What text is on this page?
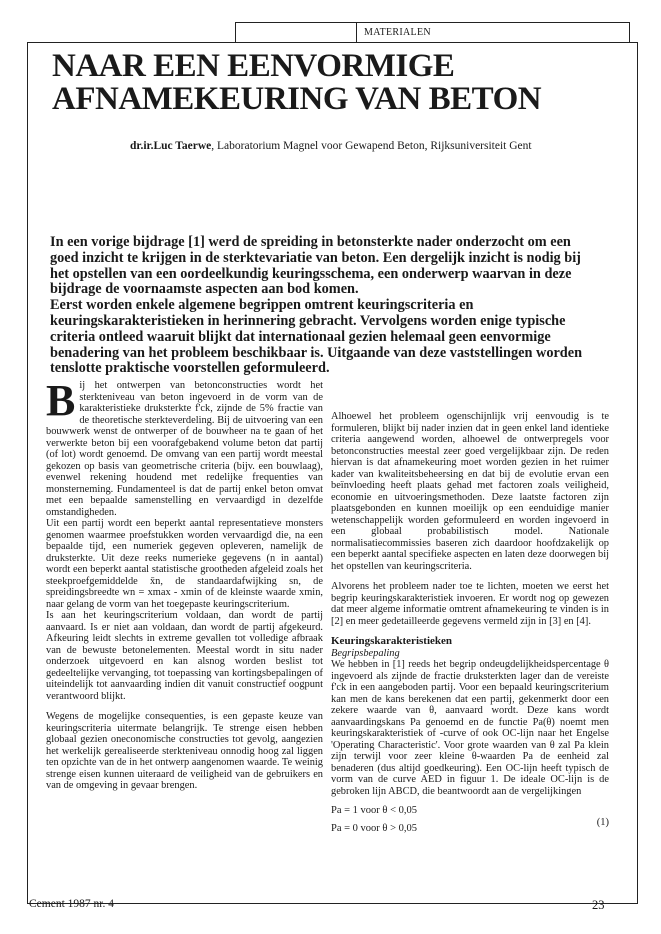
MATERIALEN
NAAR EEN EENVORMIGE AFNAMEKEURING VAN BETON
dr.ir.Luc Taerwe, Laboratorium Magnel voor Gewapend Beton, Rijksuniversiteit Gent

In een vorige bijdrage [1] werd de spreiding in betonsterkte nader onderzocht om een goed inzicht te krijgen in de sterktevariatie van beton. Een dergelijk inzicht is nodig bij het opstellen van een oordeelkundig keuringsschema, een onderwerp waarvan in deze bijdrage de voornaamste aspecten aan bod komen.

Eerst worden enkele algemene begrippen omtrent keuringscriteria en keuringskarakteristieken in herinnering gebracht. Vervolgens worden enige typische criteria ontleed waaruit blijkt dat internationaal gezien helemaal geen eenvormige benadering van het probleem beschikbaar is. Uitgaande van deze vaststellingen worden tenslotte praktische voorstellen geformuleerd.

Bij het ontwerpen van betonconstructies wordt het sterkteniveau van beton ingevoerd in de vorm van de karakteristieke druksterkte f'ck, zijnde de 5% fractie van de theoretische sterkteverdeling. Bij de uitvoering van een bouwwerk wenst de ontwerper of de bouwheer na te gaan of het verwerkte beton bij een voorafgebakend volume beton dat partij (of lot) wordt genoemd. De omvang van een partij wordt meestal gekozen op basis van geometrische criteria (bijv. een bouwlaag), evenwel rekening houdend met redelijke frequenties van monsterneming. Fundamenteel is dat de partij enkel beton omvat met een bepaalde samenstelling en vervaardigd in dezelfde omstandigheden.

Uit een partij wordt een beperkt aantal representatieve monsters genomen waarmee proefstukken worden vervaardigd die, na een bepaalde tijd, een numeriek gegeven opleveren, namelijk de druksterkte. Uit deze reeks numerieke gegevens (n in aantal) wordt een beperkt aantal statistische grootheden afgeleid zoals het steekproefgemiddelde x̄n, de standaardafwijking sn, de spreidingsbreedte wn = xmax - xmin of de kleinste waarde xmin, naar gelang de vorm van het toegepaste keuringscriterium.

Is aan het keuringscriterium voldaan, dan wordt de partij aanvaard. Is er niet aan voldaan, dan wordt de partij afgekeurd. Afkeuring leidt slechts in extreme gevallen tot volledige afbraak van de bewuste betonelementen. Meestal wordt in situ nader onderzoek uitgevoerd en kan alsnog worden beslist tot gedeeltelijke vervanging, tot toepassing van kortingsbepalingen of uiteindelijk tot aanvaarding indien dit vanuit constructief oogpunt verantwoord blijkt.

Wegens de mogelijke consequenties, is een gepaste keuze van keuringscriteria uitermate belangrijk. Te strenge eisen hebben globaal gezien oneconomische constructies tot gevolg, aangezien het werkelijk gerealiseerde sterkteniveau onnodig hoog zal liggen ten opzichte van de in het ontwerp aangenomen waarde. Te weinig strenge eisen kunnen uiteraard de veiligheid van de gebruikers en van de omgeving in gevaar brengen.

Alhoewel het probleem ogenschijnlijk vrij eenvoudig is te formuleren, blijkt bij nader inzien dat in geen enkel land identieke criteria aangewend worden, alhoewel de ontwerpregels voor betonconstructies meestal zeer goed vergelijkbaar zijn. De reden hiervan is dat afnamekeuring moet worden gezien in het ruimer kader van kwaliteitsbeheersing en dat bij de evolutie ervan een beïnvloeding heeft plaats gehad met factoren zoals veiligheid, economie en uitvoeringsmethoden. Deze laatste factoren zijn plaatsgebonden en kunnen moeilijk op een eenduidige manier wetenschappelijk worden geformuleerd en worden ingevoerd in een globaal probabilistisch model. Nationale normalisatiecommissies baseren zich daardoor hoofdzakelijk op een beperkt aantal specifieke aspecten en laten deze doorwegen bij het opstellen van keuringscriteria.

Alvorens het probleem nader toe te lichten, moeten we eerst het begrip keuringskarakteristiek invoeren. Er wordt nog op gewezen dat meer algeme informatie omtrent afnamekeuring te vinden is in [2] en meer gedetailleerde gegevens vermeld zijn in [3] en [4].

Keuringskarakteristieken

Begripsbepaling

We hebben in [1] reeds het begrip ondeugdelijkheidspercentage θ ingevoerd als zijnde de fractie druksterkten lager dan de vereiste f'ck in een aangeboden partij. Voor een bepaald keuringscriterium kan men de kans berekenen dat een partij, gekenmerkt door een zekere waarde van θ, aanvaard wordt. Deze kans wordt aanvaardingskans Pa genoemd en de functie Pa(θ) noemt men keuringskarakteristiek of -curve of ook OC-lijn naar het Engelse 'Operating Characteristic'. Voor grote waarden van θ zal Pa klein zijn terwijl voor zeer kleine θ-waarden Pa de eenheid zal benaderen (dus altijd goedkeuring). Een OC-lijn heeft typisch de vorm van de curve AED in figuur 1. De ideale OC-lijn is de gebroken lijn ABCD, die beantwoordt aan de vergelijkingen

Pa = 1 voor θ < 0,05
Pa = 0 voor θ > 0,05
(1)
Cement 1987 nr. 4	23
